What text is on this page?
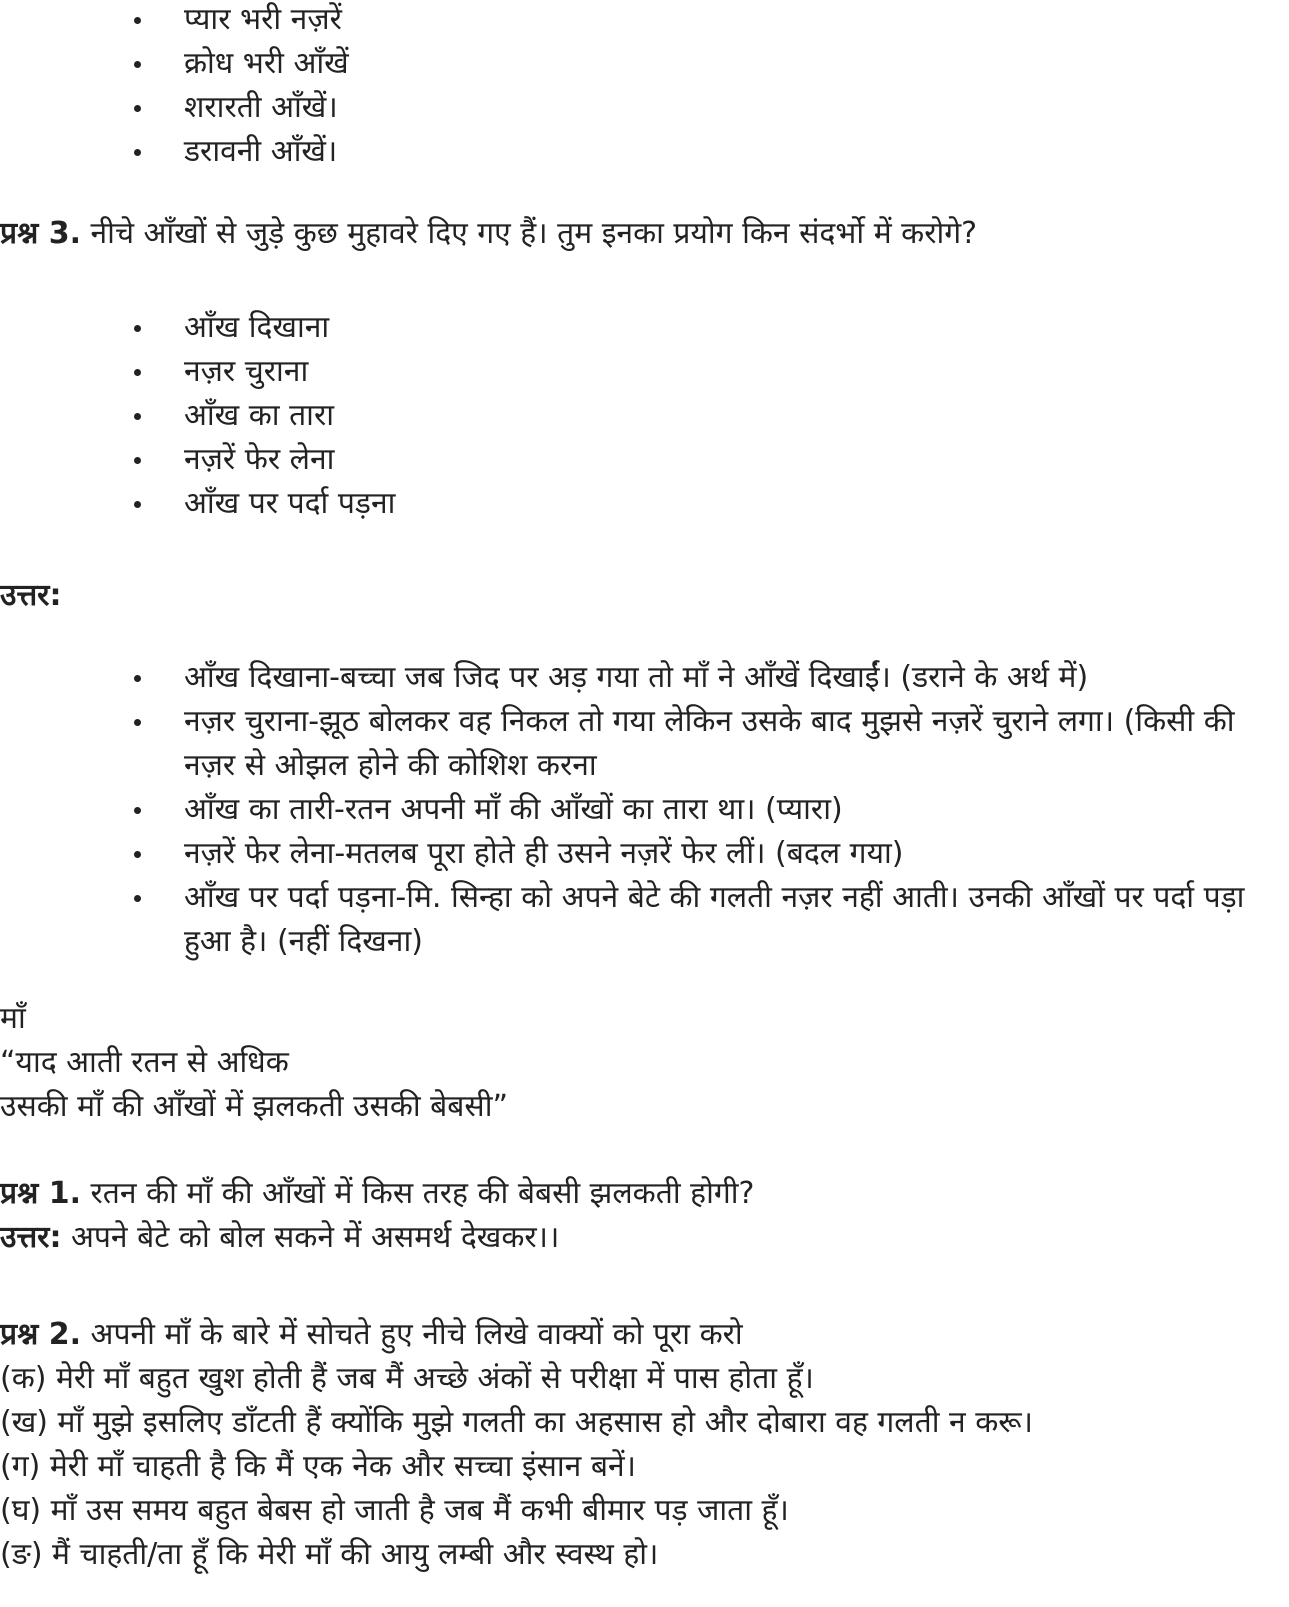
प्यार भरी नज़रें
क्रोध भरी आँखें
शरारती आँखें।
डरावनी आँखें।
प्रश्न 3. नीचे आँखों से जुड़े कुछ मुहावरे दिए गए हैं। तुम इनका प्रयोग किन संदर्भो में करोगे?
आँख दिखाना
नज़र चुराना
आँख का तारा
नज़रें फेर लेना
आँख पर पर्दा पड़ना
उत्तर:
आँख दिखाना-बच्चा जब जिद पर अड़ गया तो माँ ने आँखें दिखाईं। (डराने के अर्थ में)
नज़र चुराना-झूठ बोलकर वह निकल तो गया लेकिन उसके बाद मुझसे नज़रें चुराने लगा। (किसी की नज़र से ओझल होने की कोशिश करना
आँख का तारी-रतन अपनी माँ की आँखों का तारा था। (प्यारा)
नज़रें फेर लेना-मतलब पूरा होते ही उसने नज़रें फेर लीं। (बदल गया)
आँख पर पर्दा पड़ना-मि. सिन्हा को अपने बेटे की गलती नज़र नहीं आती। उनकी आँखों पर पर्दा पड़ा हुआ है। (नहीं दिखना)
माँ
“याद आती रतन से अधिक
उसकी माँ की आँखों में झलकती उसकी बेबसी”
प्रश्न 1. रतन की माँ की आँखों में किस तरह की बेबसी झलकती होगी?
उत्तर: अपने बेटे को बोल सकने में असमर्थ देखकर।।
प्रश्न 2. अपनी माँ के बारे में सोचते हुए नीचे लिखे वाक्यों को पूरा करो
(क) मेरी माँ बहुत खुश होती हैं जब मैं अच्छे अंकों से परीक्षा में पास होता हूँ।
(ख) माँ मुझे इसलिए डाँटती हैं क्योंकि मुझे गलती का अहसास हो और दोबारा वह गलती न करू।
(ग) मेरी माँ चाहती है कि मैं एक नेक और सच्चा इंसान बनें।
(घ) माँ उस समय बहुत बेबस हो जाती है जब मैं कभी बीमार पड़ जाता हूँ।
(ङ) मैं चाहती/ता हूँ कि मेरी माँ की आयु लम्बी और स्वस्थ हो।
